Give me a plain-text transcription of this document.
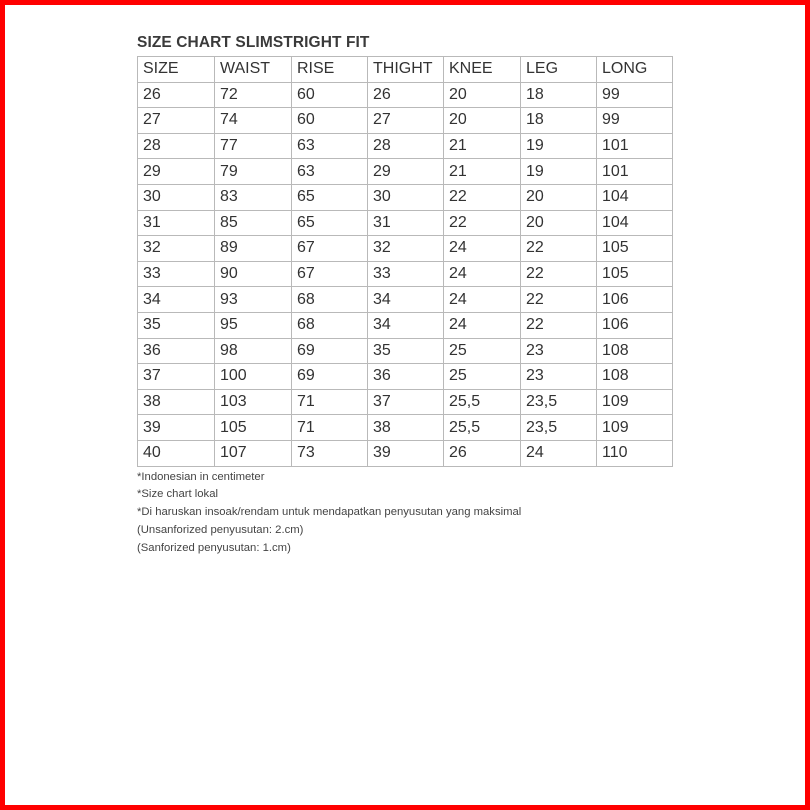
SIZE CHART SLIMSTRIGHT FIT
SIZE	WAIST	RISE	THIGHT	KNEE	LEG	LONG
26	72	60	26	20	18	99
27	74	60	27	20	18	99
28	77	63	28	21	19	101
29	79	63	29	21	19	101
30	83	65	30	22	20	104
31	85	65	31	22	20	104
32	89	67	32	24	22	105
33	90	67	33	24	22	105
34	93	68	34	24	22	106
35	95	68	34	24	22	106
36	98	69	35	25	23	108
37	100	69	36	25	23	108
38	103	71	37	25,5	23,5	109
39	105	71	38	25,5	23,5	109
40	107	73	39	26	24	110
*Indonesian in centimeter
*Size chart lokal
*Di haruskan insoak/rendam untuk mendapatkan penyusutan yang maksimal
(Unsanforized penyusutan: 2.cm)
(Sanforized penyusutan: 1.cm)
